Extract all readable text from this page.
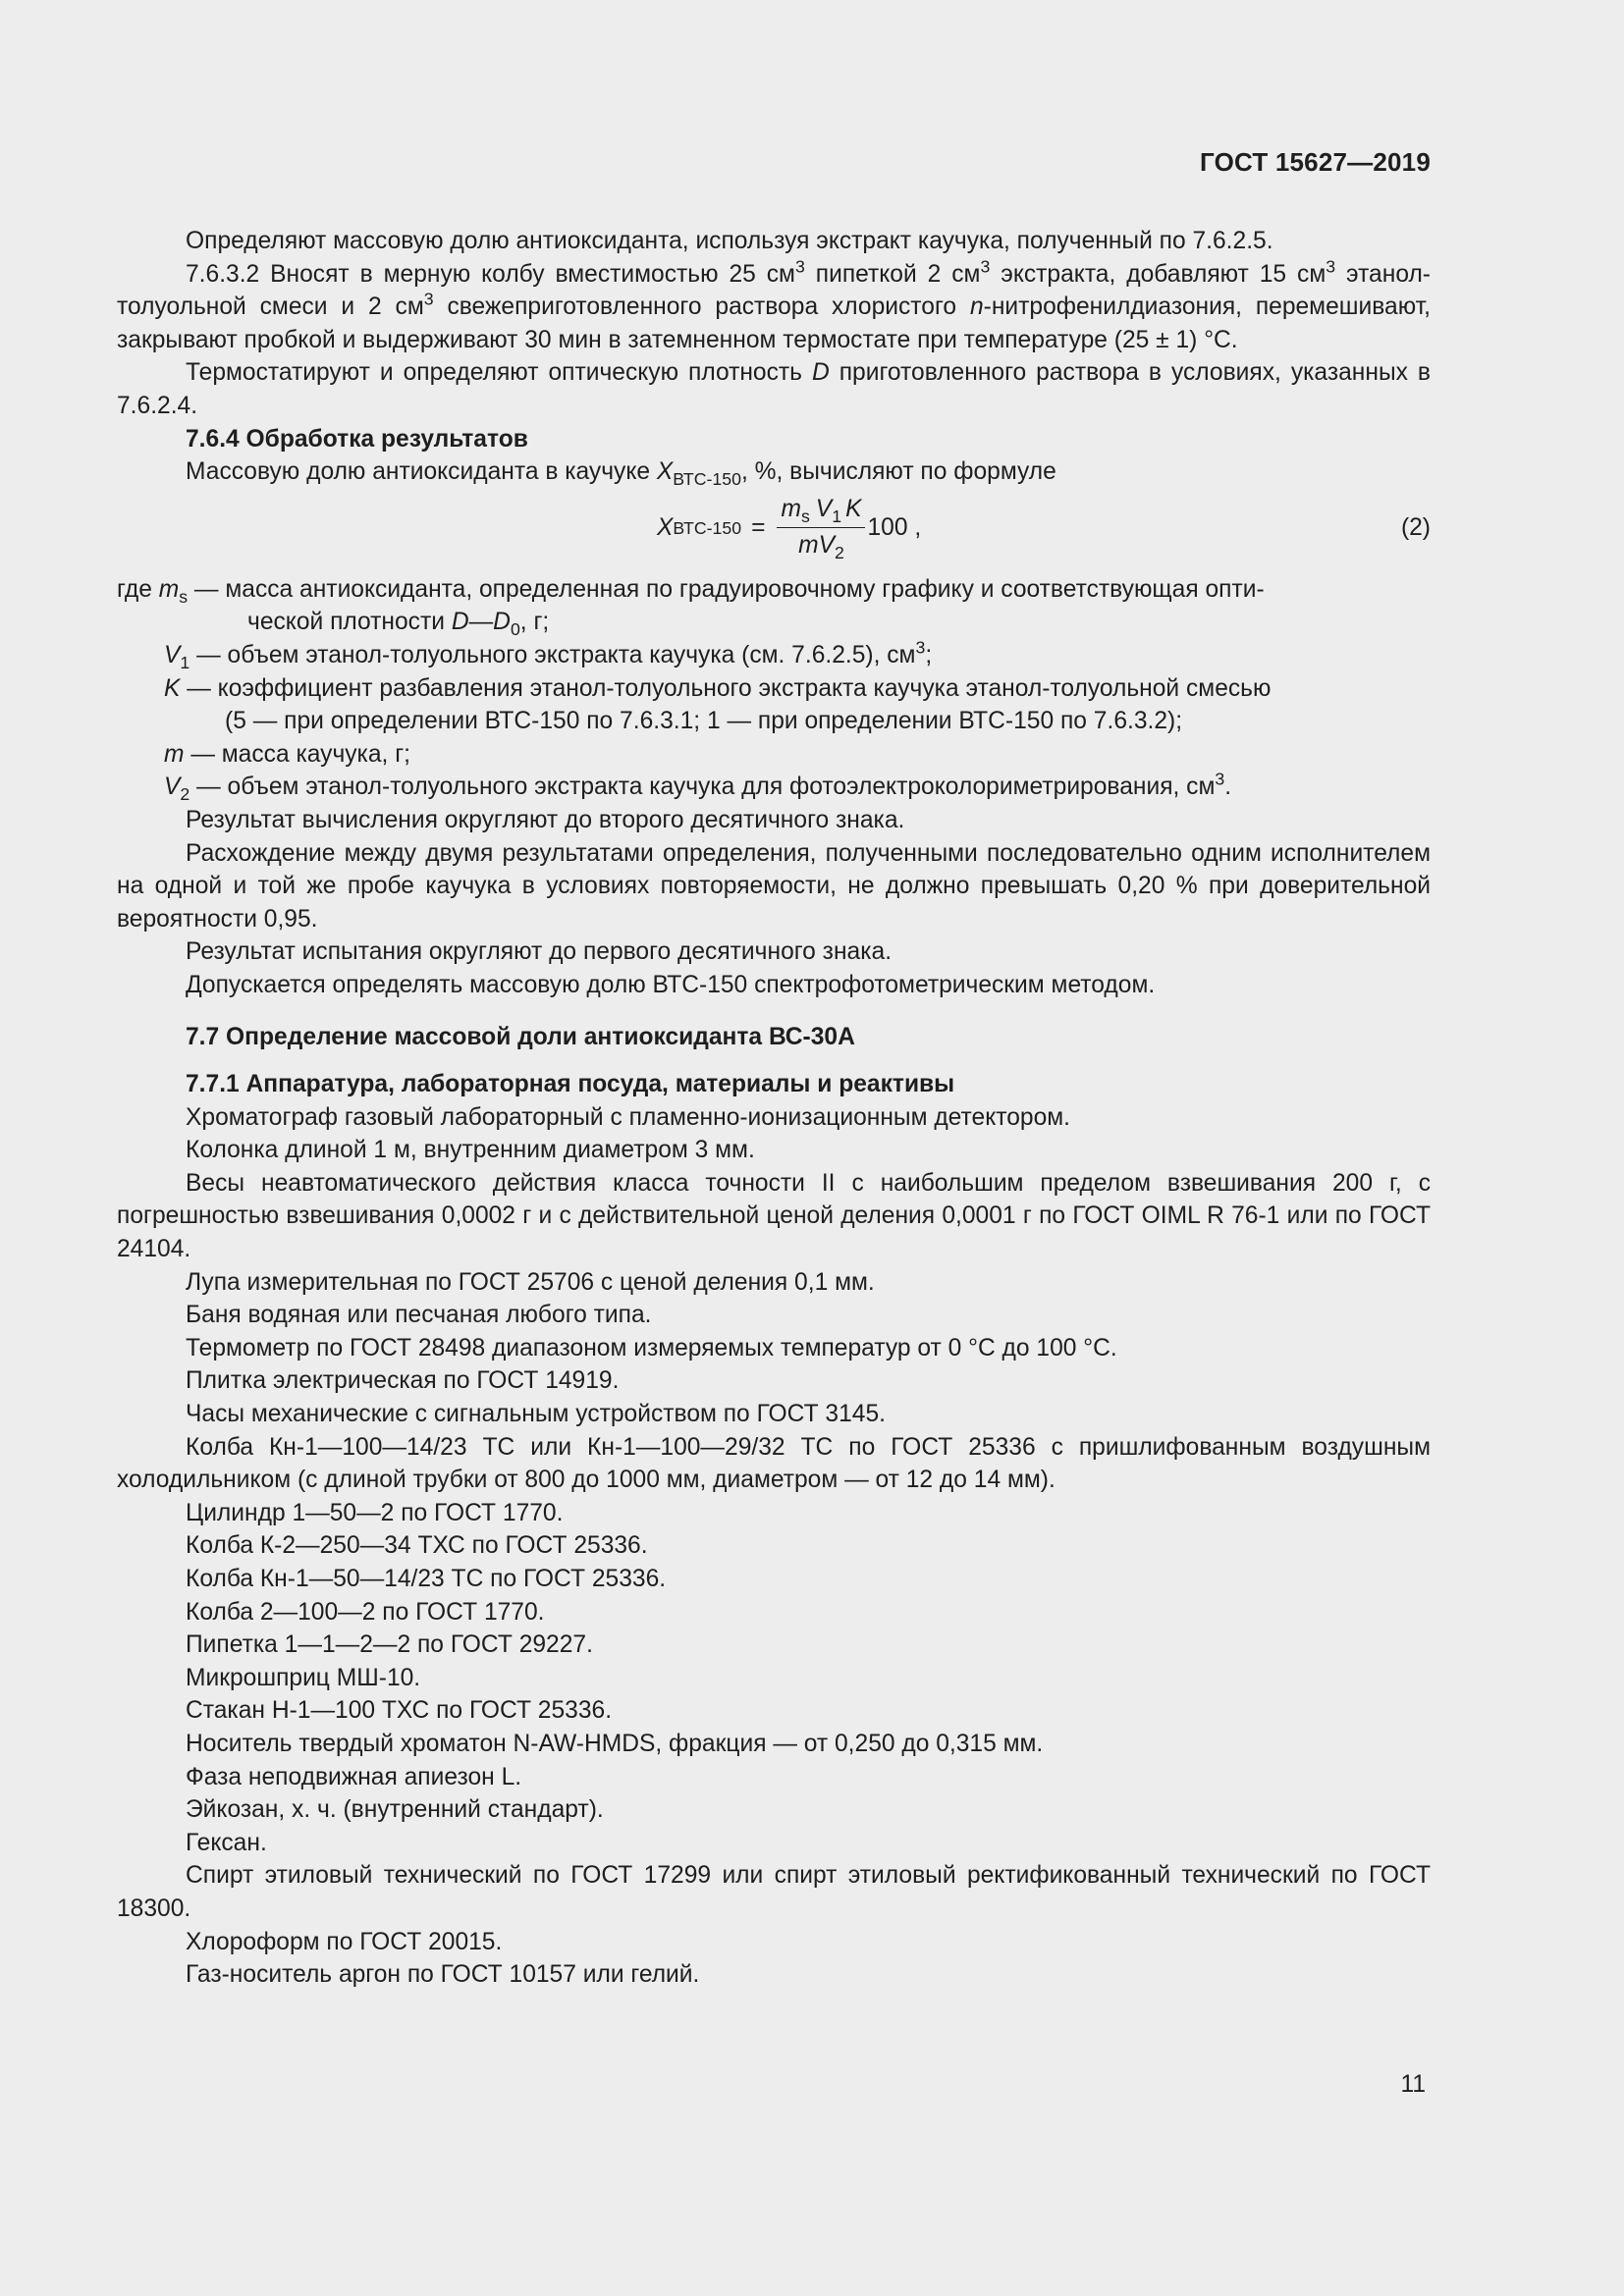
ГОСТ 15627—2019

Определяют массовую долю антиоксиданта, используя экстракт каучука, полученный по 7.6.2.5.

7.6.3.2 Вносят в мерную колбу вместимостью 25 $см^3$ пипеткой 2 $см^3$ экстракта, добавляют 15 $см^3$ этанол-толуольной смеси и 2 $см^3$ свежеприготовленного раствора хлористого n-нитрофенилдиазония, перемешивают, закрывают пробкой и выдерживают 30 мин в затемненном термостате при температуре (25 ± 1) °С.

Термостатируют и определяют оптическую плотность D приготовленного раствора в условиях, указанных в 7.6.2.4.

7.6.4 Обработка результатов

Массовую долю антиоксиданта в каучуке $X_{ВТС-150}$, %, вычисляют по формуле

X $ВТС-150 = \frac{m_s V_1 K}{mV_2} 100$ ,	(2)

где $m_s$ — масса антиоксиданта, определенная по градуировочному графику и соответствующая опти-

ческой плотности $D—D_0$, г;

$V_1$ — объем этанол-толуольного экстракта каучука (см. 7.6.2.5), $см^3$;

K — коэффициент разбавления этанол-толуольного экстракта каучука этанол-толуольной смесью

(5 — при определении ВТС-150 по 7.6.3.1; 1 — при определении ВТС-150 по 7.6.3.2);

m — масса каучука, г;

$V_2$ — объем этанол-толуольного экстракта каучука для фотоэлектроколориметрирования, $см^3$.

Результат вычисления округляют до второго десятичного знака.

Расхождение между двумя результатами определения, полученными последовательно одним исполнителем на одной и той же пробе каучука в условиях повторяемости, не должно превышать 0,20 % при доверительной вероятности 0,95.

Результат испытания округляют до первого десятичного знака.

Допускается определять массовую долю ВТС-150 спектрофотометрическим методом.

7.7 Определение массовой доли антиоксиданта ВС-30А

7.7.1 Аппаратура, лабораторная посуда, материалы и реактивы

Хроматограф газовый лабораторный с пламенно-ионизационным детектором.

Колонка длиной 1 м, внутренним диаметром 3 мм.

Весы неавтоматического действия класса точности II с наибольшим пределом взвешивания 200 г, с погрешностью взвешивания 0,0002 г и с действительной ценой деления 0,0001 г по ГОСТ OIML R 76-1 или по ГОСТ 24104.

Лупа измерительная по ГОСТ 25706 с ценой деления 0,1 мм.

Баня водяная или песчаная любого типа.

Термометр по ГОСТ 28498 диапазоном измеряемых температур от 0 °С до 100 °С.

Плитка электрическая по ГОСТ 14919.

Часы механические с сигнальным устройством по ГОСТ 3145.

Колба Кн-1—100—14/23 ТС или Кн-1—100—29/32 ТС по ГОСТ 25336 с пришлифованным воздушным холодильником (с длиной трубки от 800 до 1000 мм, диаметром — от 12 до 14 мм).

Цилиндр 1—50—2 по ГОСТ 1770.

Колба К-2—250—34 ТХС по ГОСТ 25336.

Колба Кн-1—50—14/23 ТС по ГОСТ 25336.

Колба 2—100—2 по ГОСТ 1770.

Пипетка 1—1—2—2 по ГОСТ 29227.

Микрошприц МШ-10.

Стакан Н-1—100 ТХС по ГОСТ 25336.

Носитель твердый хроматон N-AW-HMDS, фракция — от 0,250 до 0,315 мм.

Фаза неподвижная апиезон L.

Эйкозан, х. ч. (внутренний стандарт).

Гексан.

Спирт этиловый технический по ГОСТ 17299 или спирт этиловый ректификованный технический по ГОСТ 18300.

Хлороформ по ГОСТ 20015.

Газ-носитель аргон по ГОСТ 10157 или гелий.

11
